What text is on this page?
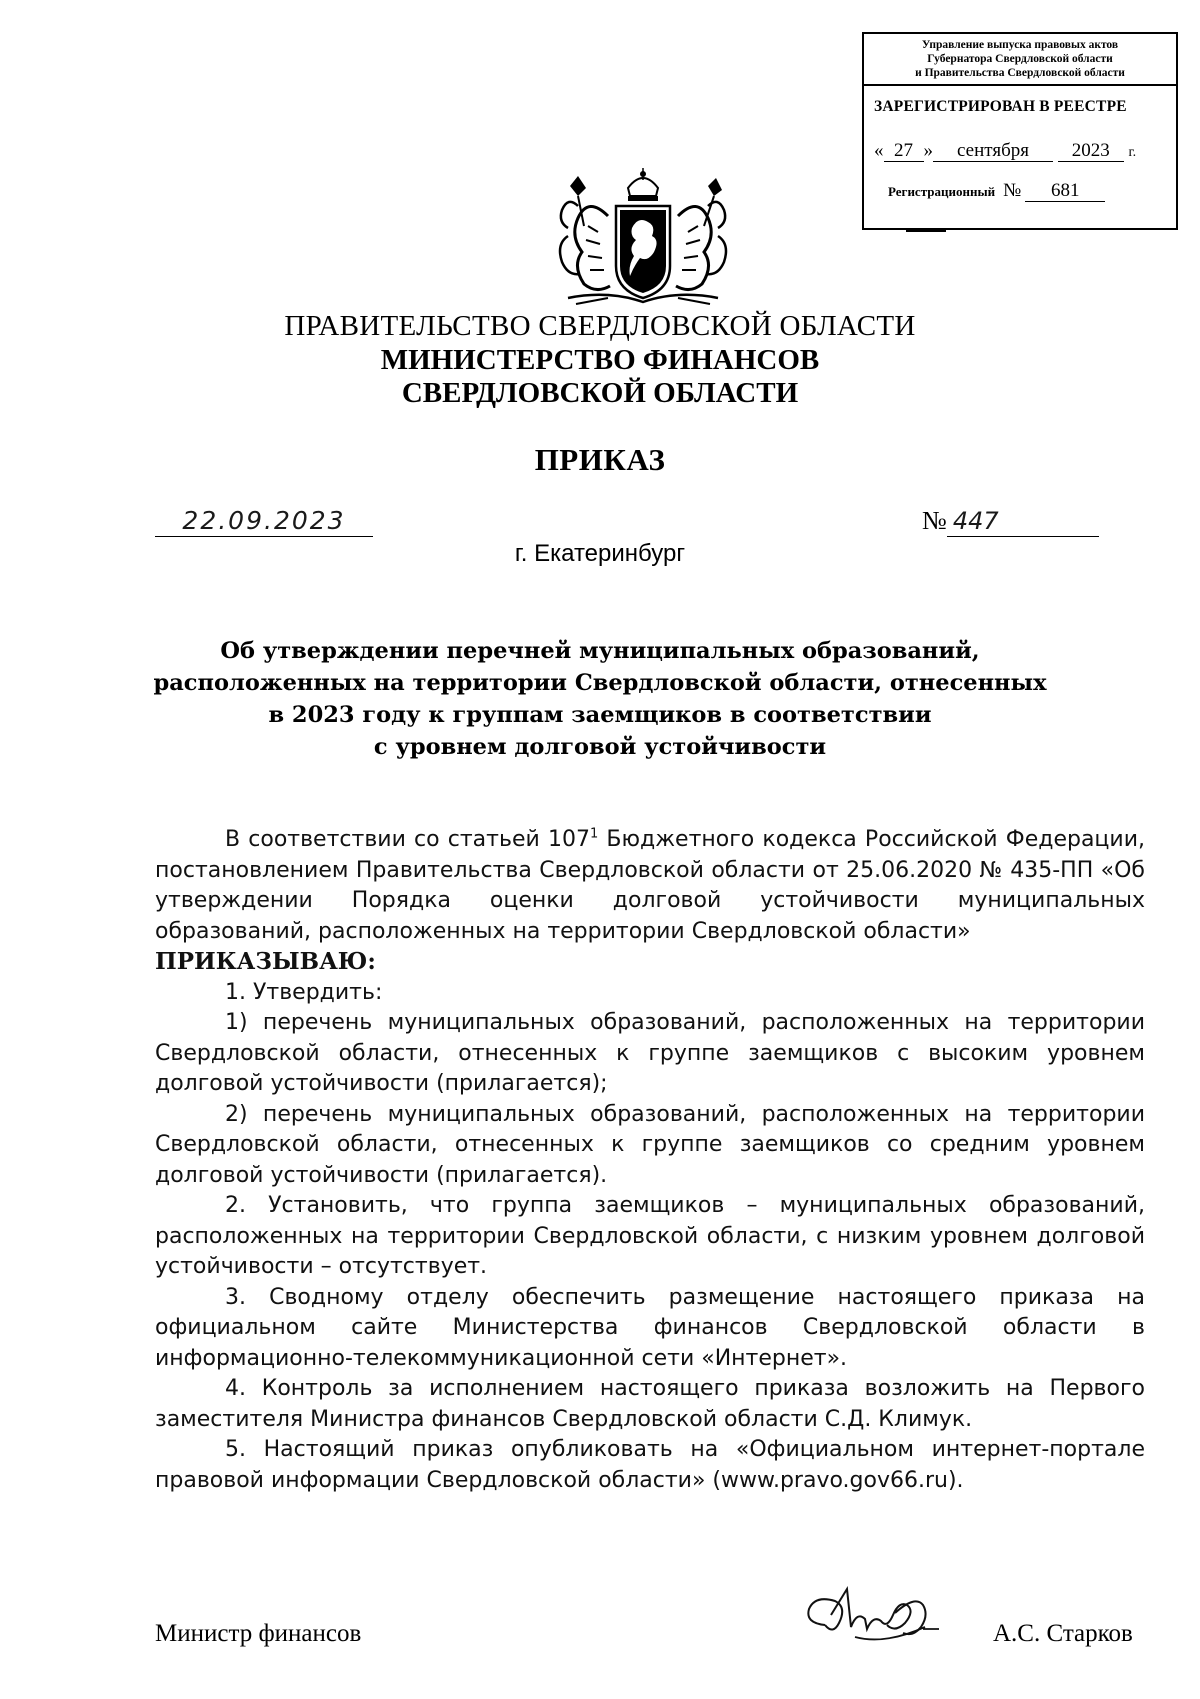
Управление выпуска правовых актов
Губернатора Свердловской области
и Правительства Свердловской области
ЗАРЕГИСТРИРОВАН В РЕЕСТРЕ
« 27 » сентября 2023 г.
Регистрационный № 681
ПРАВИТЕЛЬСТВО СВЕРДЛОВСКОЙ ОБЛАСТИ
МИНИСТЕРСТВО ФИНАНСОВ
СВЕРДЛОВСКОЙ ОБЛАСТИ
ПРИКАЗ
22.09.2023	№ 447
г. Екатеринбург
Об утверждении перечней муниципальных образований,
расположенных на территории Свердловской области, отнесенных
в 2023 году к группам заемщиков в соответствии
с уровнем долговой устойчивости

В соответствии со статьей $107^1$ Бюджетного кодекса Российской Федерации, постановлением Правительства Свердловской области от 25.06.2020 № 435-ПП «Об утверждении Порядка оценки долговой устойчивости муниципальных образований, расположенных на территории Свердловской области»

ПРИКАЗЫВАЮ:

1. Утвердить:

1) перечень муниципальных образований, расположенных на территории Свердловской области, отнесенных к группе заемщиков с высоким уровнем долговой устойчивости (прилагается);

2) перечень муниципальных образований, расположенных на территории Свердловской области, отнесенных к группе заемщиков со средним уровнем долговой устойчивости (прилагается).

2. Установить, что группа заемщиков – муниципальных образований, расположенных на территории Свердловской области, с низким уровнем долговой устойчивости – отсутствует.

3. Сводному отделу обеспечить размещение настоящего приказа на официальном сайте Министерства финансов Свердловской области в информационно-телекоммуникационной сети «Интернет».

4. Контроль за исполнением настоящего приказа возложить на Первого заместителя Министра финансов Свердловской области С.Д. Климук.

5. Настоящий приказ опубликовать на «Официальном интернет-портале правовой информации Свердловской области» (www.pravo.gov66.ru).

Министр финансов	А.С. Старков
